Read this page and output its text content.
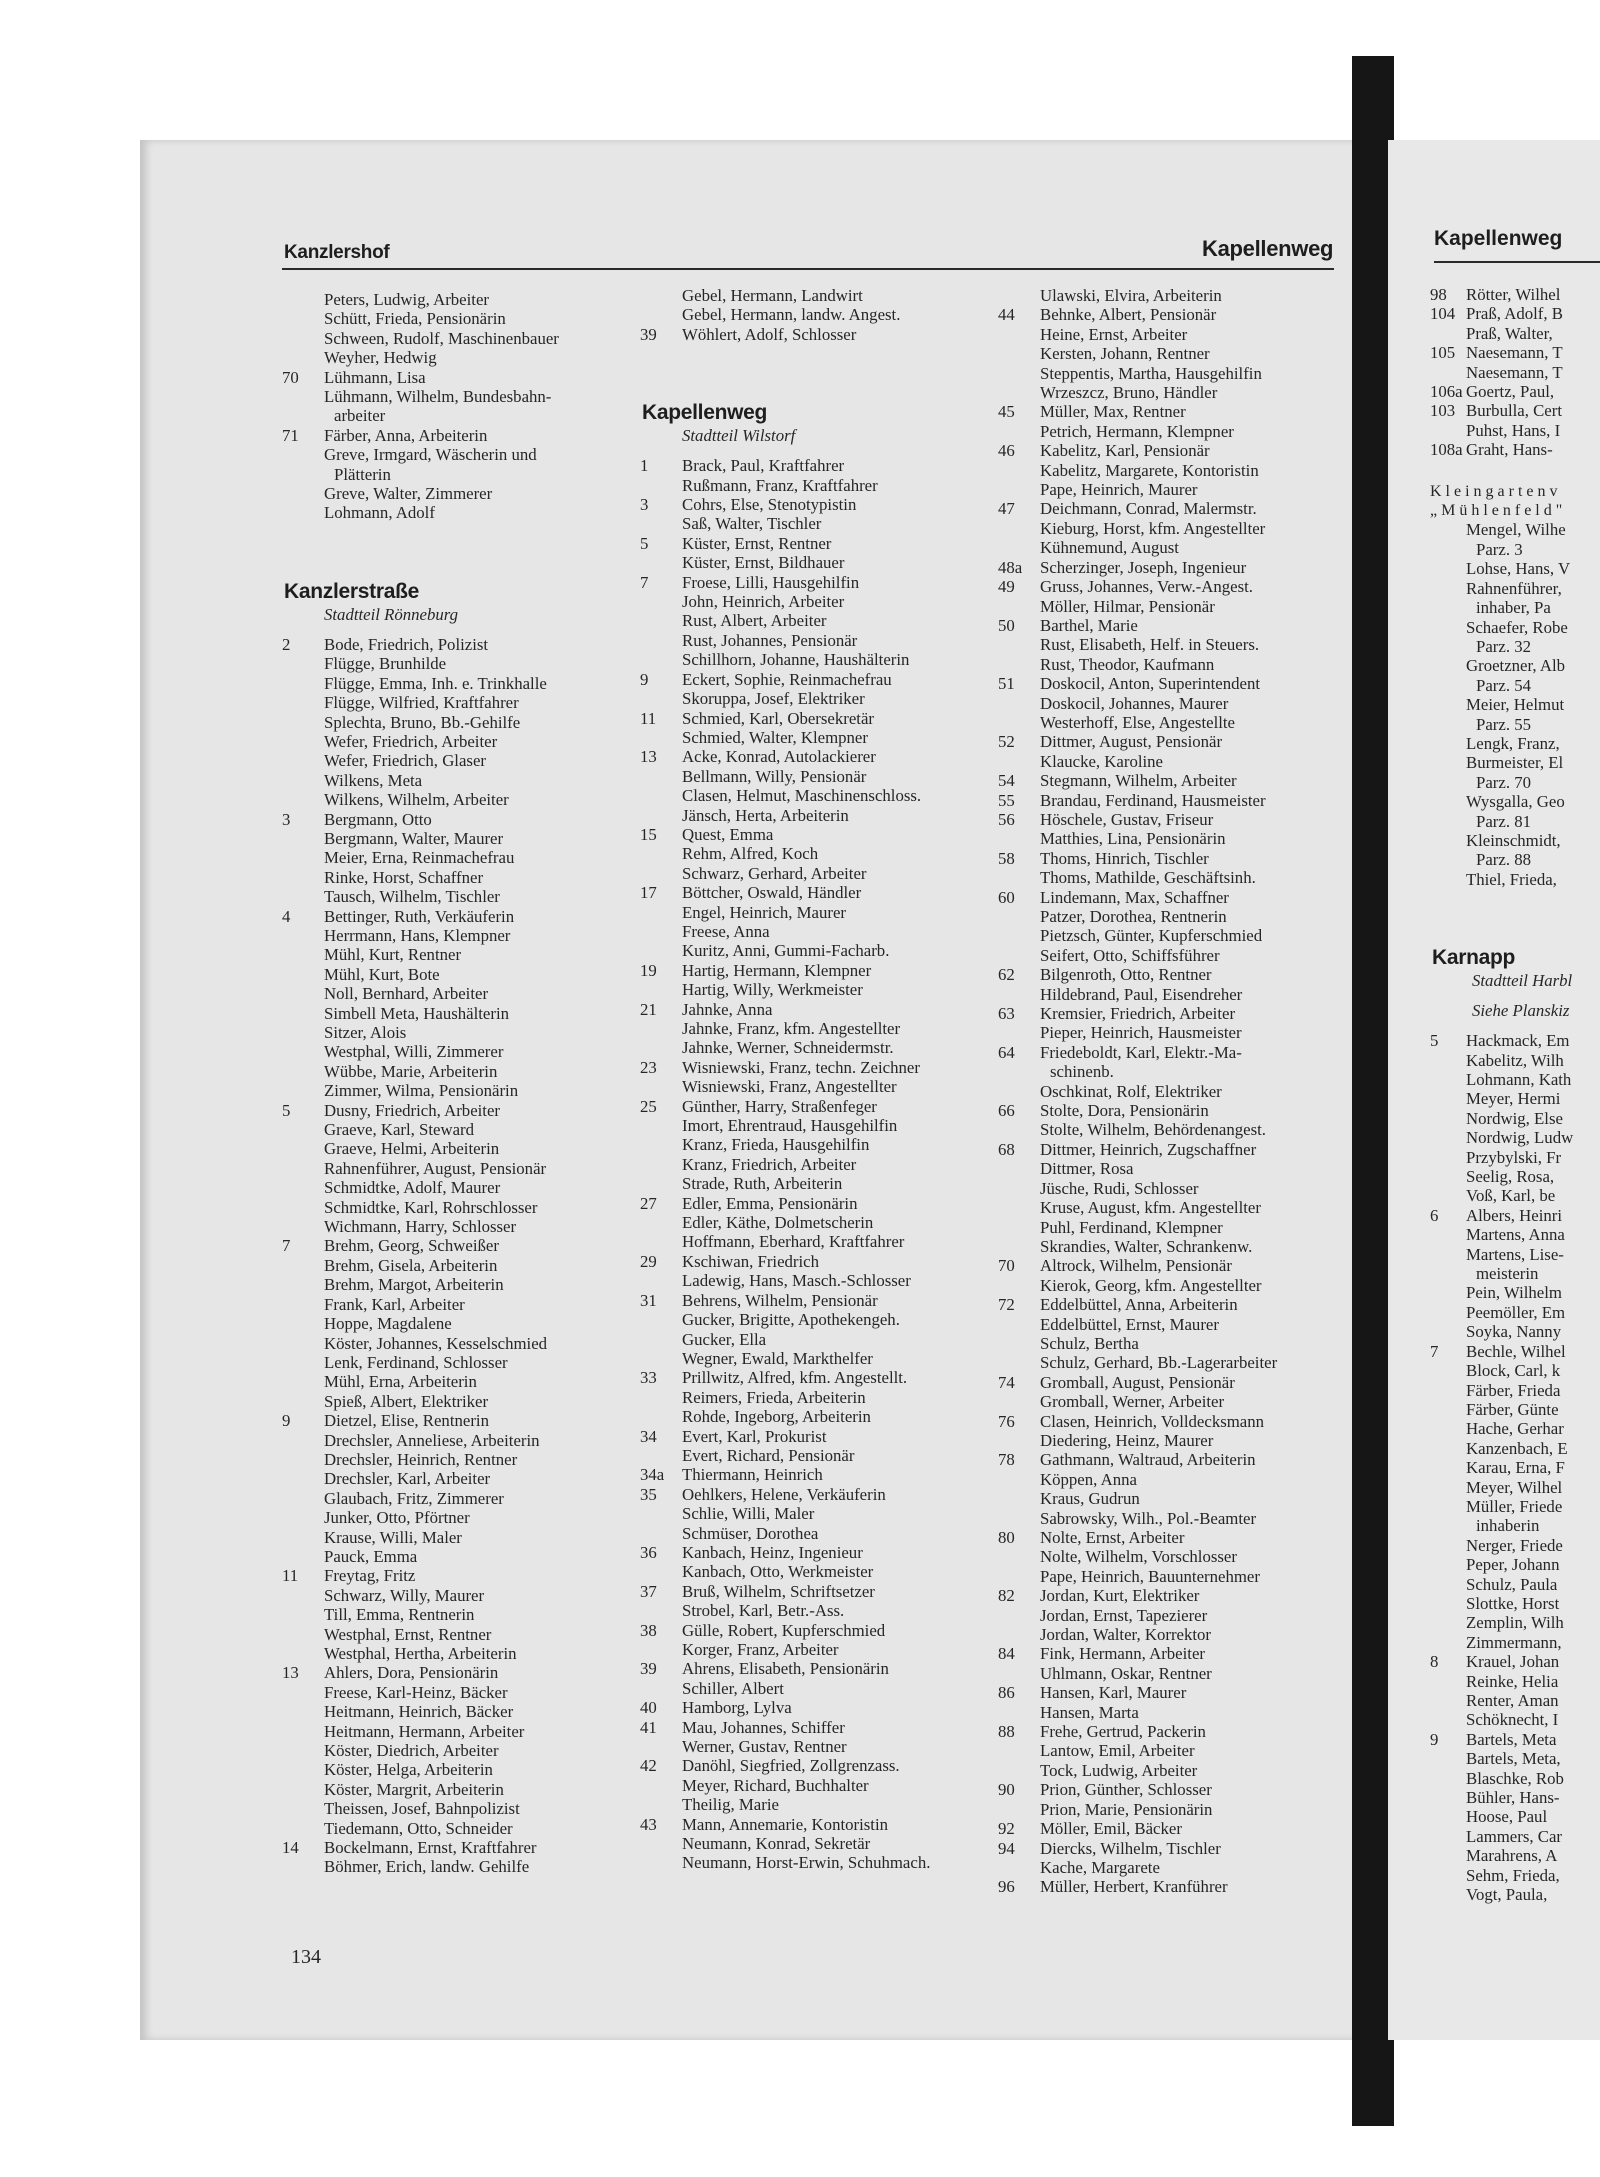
Kanzlershof	Kapellenweg
Peters, Ludwig, Arbeiter
Schütt, Frieda, Pensionärin
Schween, Rudolf, Maschinenbauer
Weyher, Hedwig
70	Lühmann, Lisa
Lühmann, Wilhelm, Bundesbahn-
arbeiter
71	Färber, Anna, Arbeiterin
Greve, Irmgard, Wäscherin und
Plätterin
Greve, Walter, Zimmerer
Lohmann, Adolf
Kanzlerstraße
Stadtteil Rönneburg
2	Bode, Friedrich, Polizist
Flügge, Brunhilde
Flügge, Emma, Inh. e. Trinkhalle
Flügge, Wilfried, Kraftfahrer
Splechta, Bruno, Bb.-Gehilfe
Wefer, Friedrich, Arbeiter
Wefer, Friedrich, Glaser
Wilkens, Meta
Wilkens, Wilhelm, Arbeiter
3	Bergmann, Otto
Bergmann, Walter, Maurer
Meier, Erna, Reinmachefrau
Rinke, Horst, Schaffner
Tausch, Wilhelm, Tischler
4	Bettinger, Ruth, Verkäuferin
Herrmann, Hans, Klempner
Mühl, Kurt, Rentner
Mühl, Kurt, Bote
Noll, Bernhard, Arbeiter
Simbell Meta, Haushälterin
Sitzer, Alois
Westphal, Willi, Zimmerer
Wübbe, Marie, Arbeiterin
Zimmer, Wilma, Pensionärin
5	Dusny, Friedrich, Arbeiter
Graeve, Karl, Steward
Graeve, Helmi, Arbeiterin
Rahnenführer, August, Pensionär
Schmidtke, Adolf, Maurer
Schmidtke, Karl, Rohrschlosser
Wichmann, Harry, Schlosser
7	Brehm, Georg, Schweißer
Brehm, Gisela, Arbeiterin
Brehm, Margot, Arbeiterin
Frank, Karl, Arbeiter
Hoppe, Magdalene
Köster, Johannes, Kesselschmied
Lenk, Ferdinand, Schlosser
Mühl, Erna, Arbeiterin
Spieß, Albert, Elektriker
9	Dietzel, Elise, Rentnerin
Drechsler, Anneliese, Arbeiterin
Drechsler, Heinrich, Rentner
Drechsler, Karl, Arbeiter
Glaubach, Fritz, Zimmerer
Junker, Otto, Pförtner
Krause, Willi, Maler
Pauck, Emma
11	Freytag, Fritz
Schwarz, Willy, Maurer
Till, Emma, Rentnerin
Westphal, Ernst, Rentner
Westphal, Hertha, Arbeiterin
13	Ahlers, Dora, Pensionärin
Freese, Karl-Heinz, Bäcker
Heitmann, Heinrich, Bäcker
Heitmann, Hermann, Arbeiter
Köster, Diedrich, Arbeiter
Köster, Helga, Arbeiterin
Köster, Margrit, Arbeiterin
Theissen, Josef, Bahnpolizist
Tiedemann, Otto, Schneider
14	Bockelmann, Ernst, Kraftfahrer
Böhmer, Erich, landw. Gehilfe
Gebel, Hermann, Landwirt
Gebel, Hermann, landw. Angest.
39	Wöhlert, Adolf, Schlosser
Kapellenweg
Stadtteil Wilstorf
1	Brack, Paul, Kraftfahrer
Rußmann, Franz, Kraftfahrer
3	Cohrs, Else, Stenotypistin
Saß, Walter, Tischler
5	Küster, Ernst, Rentner
Küster, Ernst, Bildhauer
7	Froese, Lilli, Hausgehilfin
John, Heinrich, Arbeiter
Rust, Albert, Arbeiter
Rust, Johannes, Pensionär
Schillhorn, Johanne, Haushälterin
9	Eckert, Sophie, Reinmachefrau
Skoruppa, Josef, Elektriker
11	Schmied, Karl, Obersekretär
Schmied, Walter, Klempner
13	Acke, Konrad, Autolackierer
Bellmann, Willy, Pensionär
Clasen, Helmut, Maschinenschloss.
Jänsch, Herta, Arbeiterin
15	Quest, Emma
Rehm, Alfred, Koch
Schwarz, Gerhard, Arbeiter
17	Böttcher, Oswald, Händler
Engel, Heinrich, Maurer
Freese, Anna
Kuritz, Anni, Gummi-Facharb.
19	Hartig, Hermann, Klempner
Hartig, Willy, Werkmeister
21	Jahnke, Anna
Jahnke, Franz, kfm. Angestellter
Jahnke, Werner, Schneidermstr.
23	Wisniewski, Franz, techn. Zeichner
Wisniewski, Franz, Angestellter
25	Günther, Harry, Straßenfeger
Imort, Ehrentraud, Hausgehilfin
Kranz, Frieda, Hausgehilfin
Kranz, Friedrich, Arbeiter
Strade, Ruth, Arbeiterin
27	Edler, Emma, Pensionärin
Edler, Käthe, Dolmetscherin
Hoffmann, Eberhard, Kraftfahrer
29	Kschiwan, Friedrich
Ladewig, Hans, Masch.-Schlosser
31	Behrens, Wilhelm, Pensionär
Gucker, Brigitte, Apothekengeh.
Gucker, Ella
Wegner, Ewald, Markthelfer
33	Prillwitz, Alfred, kfm. Angestellt.
Reimers, Frieda, Arbeiterin
Rohde, Ingeborg, Arbeiterin
34	Evert, Karl, Prokurist
Evert, Richard, Pensionär
34a	Thiermann, Heinrich
35	Oehlkers, Helene, Verkäuferin
Schlie, Willi, Maler
Schmüser, Dorothea
36	Kanbach, Heinz, Ingenieur
Kanbach, Otto, Werkmeister
37	Bruß, Wilhelm, Schriftsetzer
Strobel, Karl, Betr.-Ass.
38	Gülle, Robert, Kupferschmied
Korger, Franz, Arbeiter
39	Ahrens, Elisabeth, Pensionärin
Schiller, Albert
40	Hamborg, Lylva
41	Mau, Johannes, Schiffer
Werner, Gustav, Rentner
42	Danöhl, Siegfried, Zollgrenzass.
Meyer, Richard, Buchhalter
Theilig, Marie
43	Mann, Annemarie, Kontoristin
Neumann, Konrad, Sekretär
Neumann, Horst-Erwin, Schuhmach.
Ulawski, Elvira, Arbeiterin
44	Behnke, Albert, Pensionär
Heine, Ernst, Arbeiter
Kersten, Johann, Rentner
Steppentis, Martha, Hausgehilfin
Wrzeszcz, Bruno, Händler
45	Müller, Max, Rentner
Petrich, Hermann, Klempner
46	Kabelitz, Karl, Pensionär
Kabelitz, Margarete, Kontoristin
Pape, Heinrich, Maurer
47	Deichmann, Conrad, Malermstr.
Kieburg, Horst, kfm. Angestellter
Kühnemund, August
48a	Scherzinger, Joseph, Ingenieur
49	Gruss, Johannes, Verw.-Angest.
Möller, Hilmar, Pensionär
50	Barthel, Marie
Rust, Elisabeth, Helf. in Steuers.
Rust, Theodor, Kaufmann
51	Doskocil, Anton, Superintendent
Doskocil, Johannes, Maurer
Westerhoff, Else, Angestellte
52	Dittmer, August, Pensionär
Klaucke, Karoline
54	Stegmann, Wilhelm, Arbeiter
55	Brandau, Ferdinand, Hausmeister
56	Höschele, Gustav, Friseur
Matthies, Lina, Pensionärin
58	Thoms, Hinrich, Tischler
Thoms, Mathilde, Geschäftsinh.
60	Lindemann, Max, Schaffner
Patzer, Dorothea, Rentnerin
Pietzsch, Günter, Kupferschmied
Seifert, Otto, Schiffsführer
62	Bilgenroth, Otto, Rentner
Hildebrand, Paul, Eisendreher
63	Kremsier, Friedrich, Arbeiter
Pieper, Heinrich, Hausmeister
64	Friedeboldt, Karl, Elektr.-Ma-
schinenb.
Oschkinat, Rolf, Elektriker
66	Stolte, Dora, Pensionärin
Stolte, Wilhelm, Behördenangest.
68	Dittmer, Heinrich, Zugschaffner
Dittmer, Rosa
Jüsche, Rudi, Schlosser
Kruse, August, kfm. Angestellter
Puhl, Ferdinand, Klempner
Skrandies, Walter, Schrankenw.
70	Altrock, Wilhelm, Pensionär
Kierok, Georg, kfm. Angestellter
72	Eddelbüttel, Anna, Arbeiterin
Eddelbüttel, Ernst, Maurer
Schulz, Bertha
Schulz, Gerhard, Bb.-Lagerarbeiter
74	Gromball, August, Pensionär
Gromball, Werner, Arbeiter
76	Clasen, Heinrich, Volldecksmann
Diedering, Heinz, Maurer
78	Gathmann, Waltraud, Arbeiterin
Köppen, Anna
Kraus, Gudrun
Sabrowsky, Wilh., Pol.-Beamter
80	Nolte, Ernst, Arbeiter
Nolte, Wilhelm, Vorschlosser
Pape, Heinrich, Bauunternehmer
82	Jordan, Kurt, Elektriker
Jordan, Ernst, Tapezierer
Jordan, Walter, Korrektor
84	Fink, Hermann, Arbeiter
Uhlmann, Oskar, Rentner
86	Hansen, Karl, Maurer
Hansen, Marta
88	Frehe, Gertrud, Packerin
Lantow, Emil, Arbeiter
Tock, Ludwig, Arbeiter
90	Prion, Günther, Schlosser
Prion, Marie, Pensionärin
92	Möller, Emil, Bäcker
94	Diercks, Wilhelm, Tischler
Kache, Margarete
96	Müller, Herbert, Kranführer
98	Rötter, Wilhel
104 Praß, Adolf, B
Praß, Walter,
105 Naesemann, T
Naesemann, T
106a Goertz, Paul,
103 Burbulla, Cert
Puhst, Hans, I
108a Graht, Hans-
Kleingartenv
„Mühlenfeld"
Mengel, Wilhe
Parz. 3
Lohse, Hans, V
Rahnenführer,
inhaber, Pa
Schaefer, Robe
Parz. 32
Groetzner, Alb
Parz. 54
Meier, Helmut
Parz. 55
Lengk, Franz,
Burmeister, El
Parz. 70
Wysgalla, Geo
Parz. 81
Kleinschmidt,
Parz. 88
Thiel, Frieda,
Karnapp
Stadtteil Harbl
Siehe Planskiz
5	Hackmack, Em
Kabelitz, Wilh
Lohmann, Kath
Meyer, Hermi
Nordwig, Else
Nordwig, Ludw
Przybylski, Fr
Seelig, Rosa,
Voß, Karl, be
6	Albers, Heinri
Martens, Anna
Martens, Lise-
meisterin
Pein, Wilhelm
Peemöller, Em
Soyka, Nanny
7	Bechle, Wilhel
Block, Carl, k
Färber, Frieda
Färber, Günte
Hache, Gerhar
Kanzenbach, E
Karau, Erna, F
Meyer, Wilhel
Müller, Friede
inhaberin
Nerger, Friede
Peper, Johann
Schulz, Paula
Slottke, Horst
Zemplin, Wilh
Zimmermann,
8	Krauel, Johan
Reinke, Helia
Renter, Aman
Schöknecht, I
9	Bartels, Meta
Bartels, Meta,
Blaschke, Rob
Bühler, Hans-
Hoose, Paul
Lammers, Car
Marahrens, A
Sehm, Frieda,
Vogt, Paula,
Kapellenweg
134
